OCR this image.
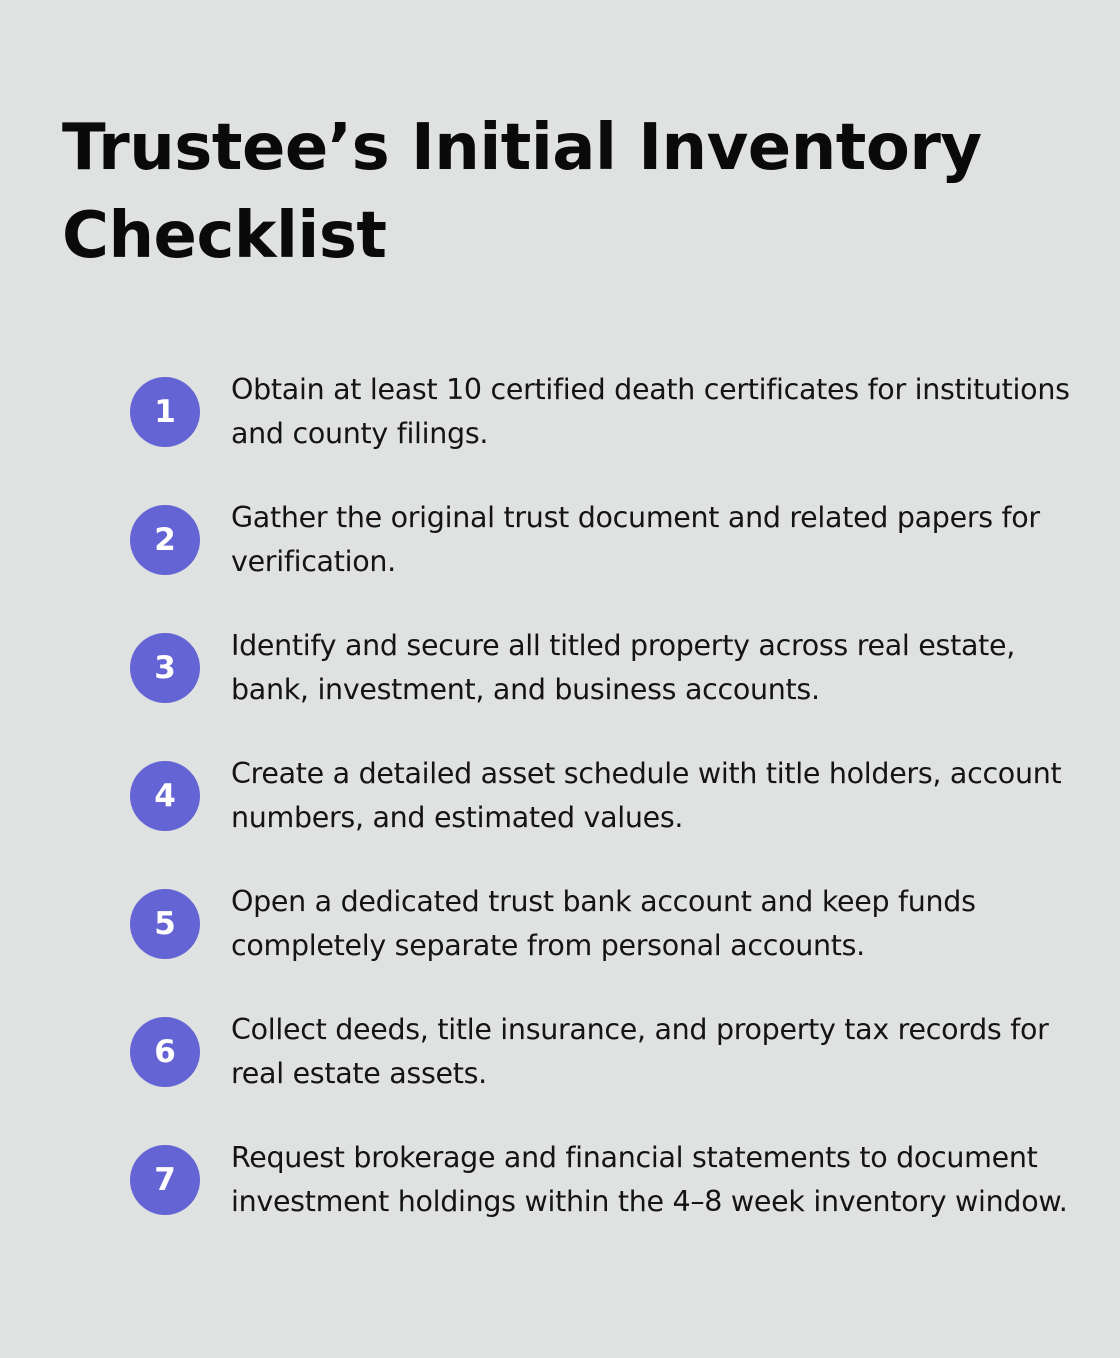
Trustee’s Initial Inventory Checklist
1
Obtain at least 10 certified death certificates for institutions and county filings.
2
Gather the original trust document and related papers for verification.
3
Identify and secure all titled property across real estate, bank, investment, and business accounts.
4
Create a detailed asset schedule with title holders, account numbers, and estimated values.
5
Open a dedicated trust bank account and keep funds completely separate from personal accounts.
6
Collect deeds, title insurance, and property tax records for real estate assets.
7
Request brokerage and financial statements to document investment holdings within the 4–8 week inventory window.
